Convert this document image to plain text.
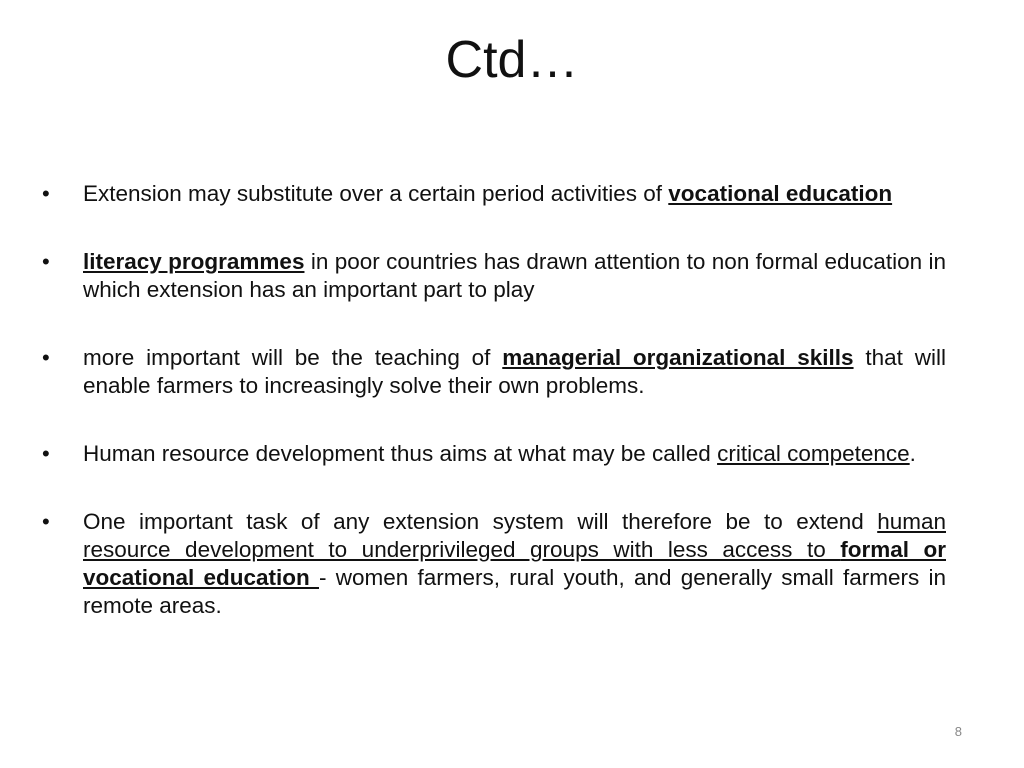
Ctd…
•	Extension may substitute over a certain period activities of vocational education
•	literacy programmes in poor countries has drawn attention to non formal education in which extension has an important part to play
•	more important will be the teaching of managerial organizational skills that will enable farmers to increasingly solve their own problems.
•	Human resource development thus aims at what may be called critical competence.
•	One important task of any extension system will therefore be to extend human resource development to underprivileged groups with less access to formal or vocational education - women farmers, rural youth, and generally small farmers in remote areas.
8
